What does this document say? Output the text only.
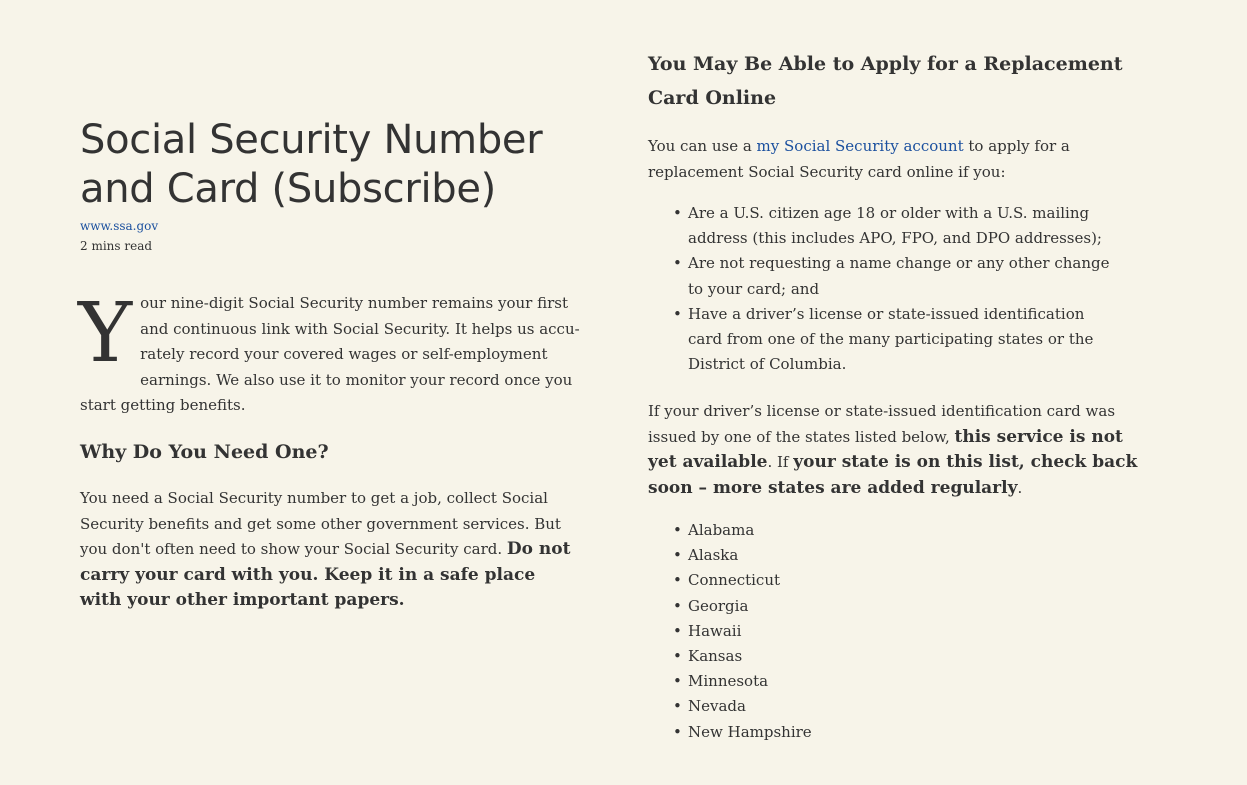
Social Security Number and Card (Subscribe)
www.ssa.gov
2 mins read

Your nine-digit Social Security number remains your first and continuous link with Social Security. It helps us accurately record your covered wages or self-employment earnings. We also use it to monitor your record once you start getting benefits.

Why Do You Need One?

You need a Social Security number to get a job, collect Social Security benefits and get some other government services. But you don't often need to show your Social Security card. Do not carry your card with you. Keep it in a safe place with your other important papers.

You May Be Able to Apply for a Replacement Card Online

You can use a my Social Security account to apply for a replacement Social Security card online if you:

• Are a U.S. citizen age 18 or older with a U.S. mailing address (this includes APO, FPO, and DPO addresses);
• Are not requesting a name change or any other change to your card; and
• Have a driver’s license or state-issued identification card from one of the many participating states or the District of Columbia.

If your driver’s license or state-issued identification card was issued by one of the states listed below, this service is not yet available. If your state is on this list, check back soon – more states are added regularly.

• Alabama
• Alaska
• Connecticut
• Georgia
• Hawaii
• Kansas
• Minnesota
• Nevada
• New Hampshire
